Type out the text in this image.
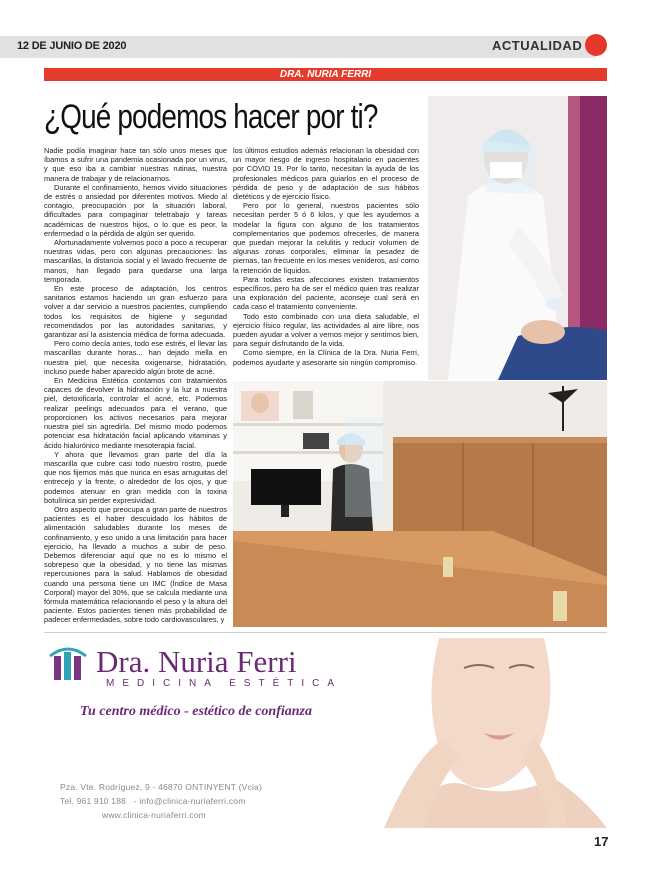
12 DE JUNIO DE 2020	ACTUALIDAD
DRA. NURIA FERRI
¿Qué podemos hacer por ti?

Nadie podía imaginar hace tan sólo unos meses que íbamos a sufrir una pandemia ocasionada por un virus, y que eso iba a cambiar nuestras rutinas, nuestra manera de trabajar y de relacionarnos.

Durante el confinamiento, hemos vivido situaciones de estrés o ansiedad por diferentes motivos. Miedo al contagio, preocupación por la situación laboral, dificultades para compaginar teletrabajo y tareas académicas de nuestros hijos, o lo que es peor, la enfermedad o la pérdida de algún ser querido.

Afortunadamente volvemos poco a poco a recuperar nuestras vidas, pero con algunas precauciones: las mascarillas, la distancia social y el lavado frecuente de manos, han llegado para quedarse una larga temporada.

En este proceso de adaptación, los centros sanitarios estamos haciendo un gran esfuerzo para volver a dar servicio a nuestros pacientes, cumpliendo todos los requisitos de higiene y seguridad recomendados por las autoridades sanitarias, y garantizar así la asistencia médica de forma adecuada.

Pero como decía antes, todo ese estrés, el llevar las mascarillas durante horas... han dejado mella en nuestra piel, que necesita oxigenarse, hidratación, incluso puede haber aparecido algún brote de acné.

En Medicina Estética contamos con tratamientos capaces de devolver la hidratación y la luz a nuestra piel, detoxificarla, controlar el acné, etc. Podemos realizar peelings adecuados para el verano, que proporcionen los activos necesarios para mejorar nuestra piel sin agredirla. Del mismo modo podemos potenciar esa hidratación facial aplicando vitaminas y ácido hialurónico mediante mesoterapia facial.

Y ahora que llevamos gran parte del día la mascarilla que cubre casi todo nuestro rostro, puede que nos fijemos más que nunca en esas arruguitas del entrecejo y la frente, o alrededor de los ojos, y que podemos atenuar en gran medida con la toxina botulínica sin perder expresividad.

Otro aspecto que preocupa a gran parte de nuestros pacientes es el haber descuidado los hábitos de alimentación saludables durante los meses de confinamiento, y eso unido a una limitación para hacer ejercicio, ha llevado a muchos a subir de peso. Debemos diferenciar aquí que no es lo mismo el sobrepeso que la obesidad, y no tiene las mismas repercusiones para la salud. Hablamos de obesidad cuando una persona tiene un IMC (Índice de Masa Corporal) mayor del 30%, que se calcula mediante una fórmula matemática relacionando el peso y la altura del paciente. Estos pacientes tienen más probabilidad de padecer enfermedades, sobre todo cardiovasculares, y

los últimos estudios además relacionan la obesidad con un mayor riesgo de ingreso hospitalario en pacientes por COVID 19. Por lo tanto, necesitan la ayuda de los profesionales médicos para guiarlos en el proceso de pérdida de peso y de adaptación de sus hábitos dietéticos y de ejercicio físico.

Pero por lo general, nuestros pacientes sólo necesitan perder 5 ó 6 kilos, y que les ayudemos a modelar la figura con alguno de los tratamientos complementarios que podemos ofrecerles, de manera que puedan mejorar la celulitis y reducir volumen de algunas zonas corporales, eliminar la pesadez de piernas, tan frecuente en los meses venideros, así como la retención de líquidos.

Para todas estas afecciones existen tratamientos específicos, pero ha de ser el médico quien tras realizar una exploración del paciente, aconseje cual será en cada caso el tratamiento conveniente.

Todo esto combinado con una dieta saludable, el ejercicio físico regular, las actividades al aire libre, nos pueden ayudar a volver a vernos mejor y sentirnos bien, para seguir disfrutando de la vida.

Como siempre, en la Clínica de la Dra. Nuria Ferri, podemos ayudarte y asesorarte sin ningún compromiso.

Dra. Nuria Ferri
MEDICINA ESTÉTICA
Tu centro médico - estético de confianza
Pza. Vte. Rodríguez, 9 - 46870 ONTINYENT (Vcia)
Tel. 961 910 188 - info@clinica-nuriaferri.com
www.clinica-nuriaferri.com
17
